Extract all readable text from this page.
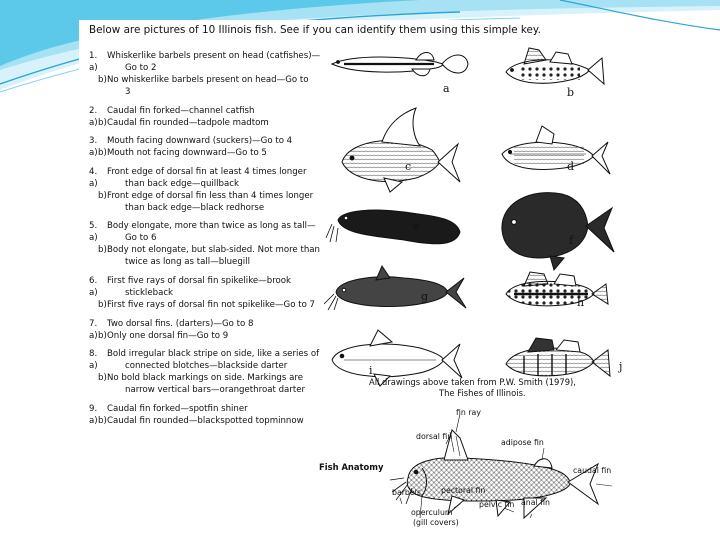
Below are pictures of 10 Illinois fish. See if you can identify them using this simple key.
1. a)
Whiskerlike barbels present on head (catfishes)—
Go to 2
b) No whiskerlike barbels present on head—Go to
3
2. a)
Caudal fin forked—channel catfish
b) Caudal fin rounded—tadpole madtom
3. a)
Mouth facing downward (suckers)—Go to 4
b) Mouth not facing downward—Go to 5
4. a)
Front edge of dorsal fin at least 4 times longer
than back edge—quillback
b) Front edge of dorsal fin less than 4 times longer
than back edge—black redhorse
5. a)
Body elongate, more than twice as long as tall—
Go to 6
b) Body not elongate, but slab-sided. Not more than
twice as long as tall—bluegill
6. a)
First five rays of dorsal fin spikelike—brook
stickleback
b) First five rays of dorsal fin not spikelike—Go to 7
7. a)
Two dorsal fins. (darters)—Go to 8
b) Only one dorsal fin—Go to 9
8. a)
Bold irregular black stripe on side, like a series of
connected blotches—blackside darter
b) No bold black markings on side. Markings are
narrow vertical bars—orangethroat darter
9. a)
Caudal fin forked—spotfin shiner
b) Caudal fin rounded—blackspotted topminnow
a	b
c	d
e
f
g	h
i	j
All drawings above taken from P.W. Smith (1979),
The Fishes of Illinois.
Fish Anatomy
fin ray
dorsal fin
adipose fin
caudal fin
barbels	pectoral fin
pelvic fin anal fin
operculum
(gill covers)
